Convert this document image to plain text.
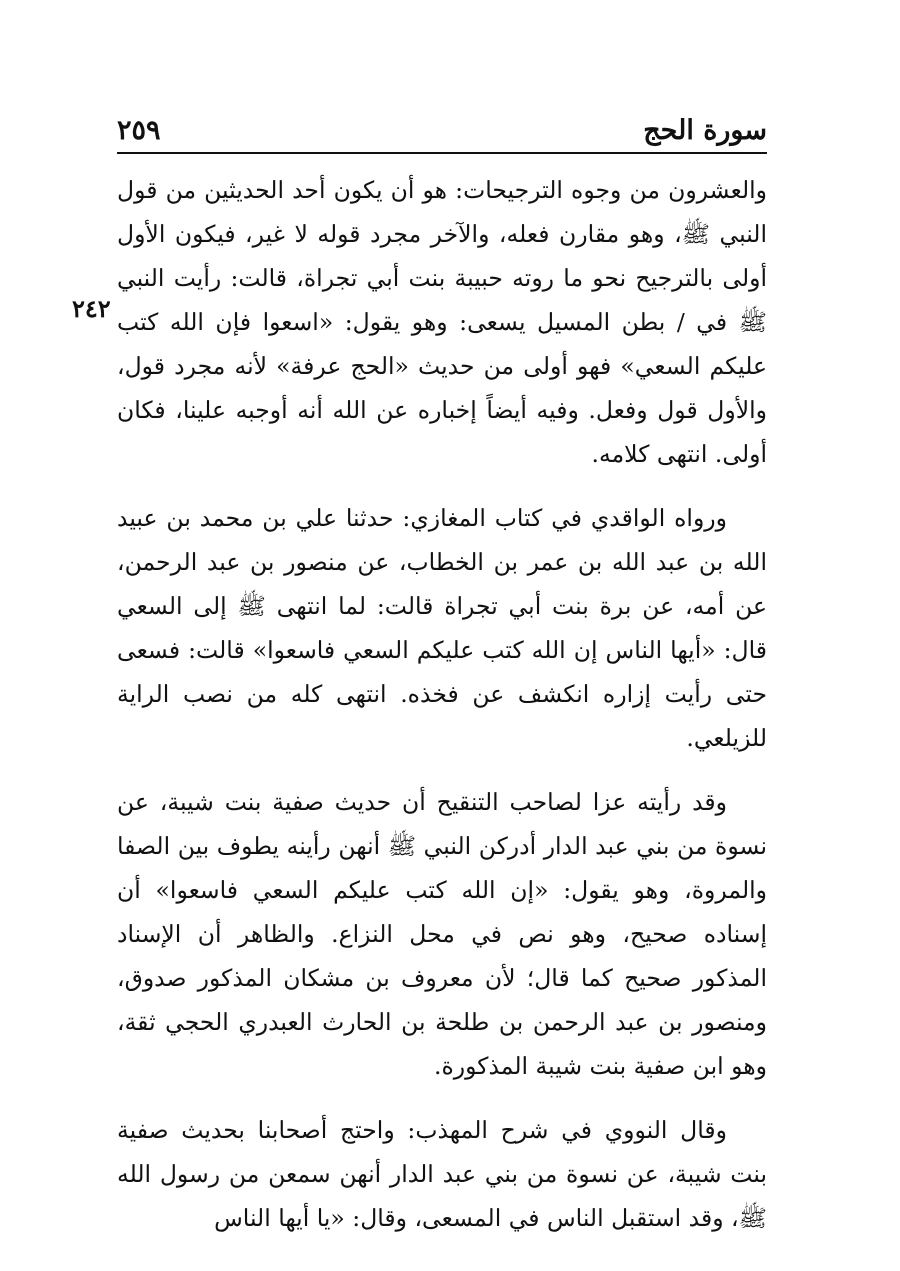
سورة الحج
٢٥٩
٢٤٢

والعشرون من وجوه الترجيحات: هو أن يكون أحد الحديثين من قول النبي ﷺ، وهو مقارن فعله، والآخر مجرد قوله لا غير، فيكون الأول أولى بالترجيح نحو ما روته حبيبة بنت أبي تجراة، قالت: رأيت النبي ﷺ في / بطن المسيل يسعى: وهو يقول: «اسعوا فإن الله كتب عليكم السعي» فهو أولى من حديث «الحج عرفة» لأنه مجرد قول، والأول قول وفعل. وفيه أيضاً إخباره عن الله أنه أوجبه علينا، فكان أولى. انتهى كلامه.

ورواه الواقدي في كتاب المغازي: حدثنا علي بن محمد بن عبيد الله بن عبد الله بن عمر بن الخطاب، عن منصور بن عبد الرحمن، عن أمه، عن برة بنت أبي تجراة قالت: لما انتهى ﷺ إلى السعي قال: «أيها الناس إن الله كتب عليكم السعي فاسعوا» قالت: فسعى حتى رأيت إزاره انكشف عن فخذه. انتهى كله من نصب الراية للزيلعي.

وقد رأيته عزا لصاحب التنقيح أن حديث صفية بنت شيبة، عن نسوة من بني عبد الدار أدركن النبي ﷺ أنهن رأينه يطوف بين الصفا والمروة، وهو يقول: «إن الله كتب عليكم السعي فاسعوا» أن إسناده صحيح، وهو نص في محل النزاع. والظاهر أن الإسناد المذكور صحيح كما قال؛ لأن معروف بن مشكان المذكور صدوق، ومنصور بن عبد الرحمن بن طلحة بن الحارث العبدري الحجي ثقة، وهو ابن صفية بنت شيبة المذكورة.

وقال النووي في شرح المهذب: واحتج أصحابنا بحديث صفية بنت شيبة، عن نسوة من بني عبد الدار أنهن سمعن من رسول الله ﷺ، وقد استقبل الناس في المسعى، وقال: «يا أيها الناس
